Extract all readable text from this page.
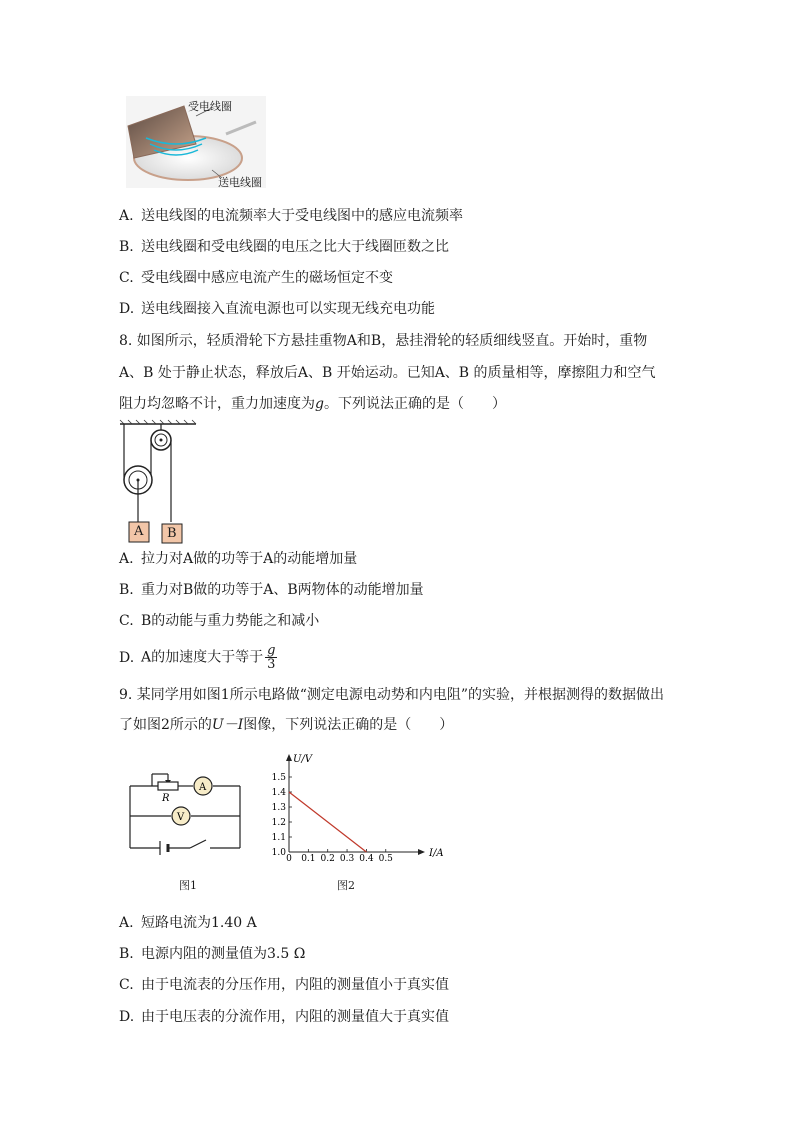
受电线圈
送电线圈
A. 送电线图的电流频率大于受电线图中的感应电流频率
B. 送电线圈和受电线圈的电压之比大于线圈匝数之比
C. 受电线圈中感应电流产生的磁场恒定不变
D. 送电线圈接入直流电源也可以实现无线充电功能
8. 如图所示，轻质滑轮下方悬挂重物A和B，悬挂滑轮的轻质细线竖直。开始时，重物
A、B 处于静止状态，释放后A、B 开始运动。已知A、B 的质量相等，摩擦阻力和空气
阻力均忽略不计，重力加速度为g。下列说法正确的是（　　）
A B
A. 拉力对A做的功等于A的动能增加量
B. 重力对B做的功等于A、B两物体的动能增加量
C. B的动能与重力势能之和减小
D. A的加速度大于等于 $\frac{g}{3}$
9. 某同学用如图1所示电路做“测定电源电动势和内电阻”的实验，并根据测得的数据做出
了如图2所示的U－I图像，下列说法正确的是（　　）
A
V
R
图1
0 0.1 0.2 0.3 0.4 0.5
1.0
1.1
1.2
1.3
1.4
1.5
I/A
U/V
图2
A. 短路电流为1.40 A
B. 电源内阻的测量值为3.5 Ω
C. 由于电流表的分压作用，内阻的测量值小于真实值
D. 由于电压表的分流作用，内阻的测量值大于真实值
